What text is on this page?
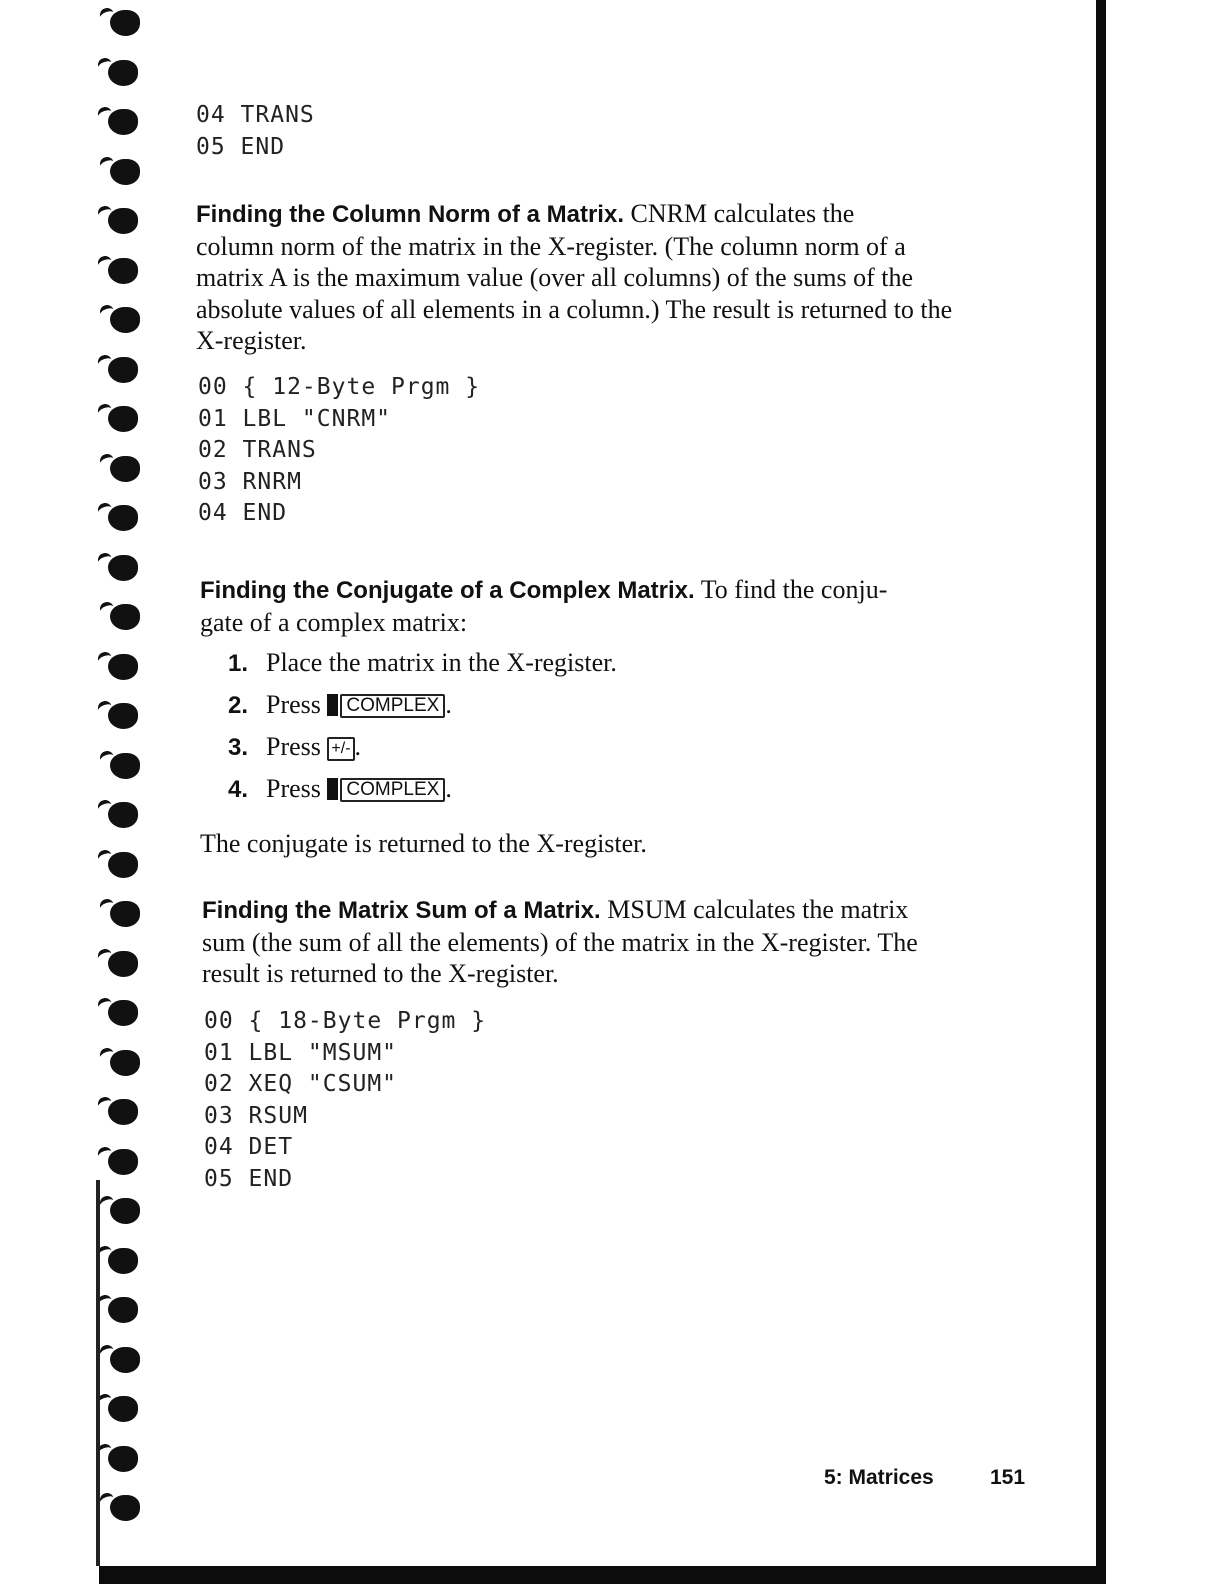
04 TRANS
05 END
Finding the Column Norm of a Matrix. CNRM calculates the
column norm of the matrix in the X-register. (The column norm of a
matrix A is the maximum value (over all columns) of the sums of the
absolute values of all elements in a column.) The result is returned to the
X-register.
00 { 12-Byte Prgm }
01 LBL "CNRM"
02 TRANS
03 RNRM
04 END
Finding the Conjugate of a Complex Matrix. To find the conju-
gate of a complex matrix:
1. Place the matrix in the X-register.
2. Press COMPLEX .
3. Press +/- .
4. Press COMPLEX .
The conjugate is returned to the X-register.
Finding the Matrix Sum of a Matrix. MSUM calculates the matrix
sum (the sum of all the elements) of the matrix in the X-register. The
result is returned to the X-register.
00 { 18-Byte Prgm }
01 LBL "MSUM"
02 XEQ "CSUM"
03 RSUM
04 DET
05 END
5: Matrices	151
